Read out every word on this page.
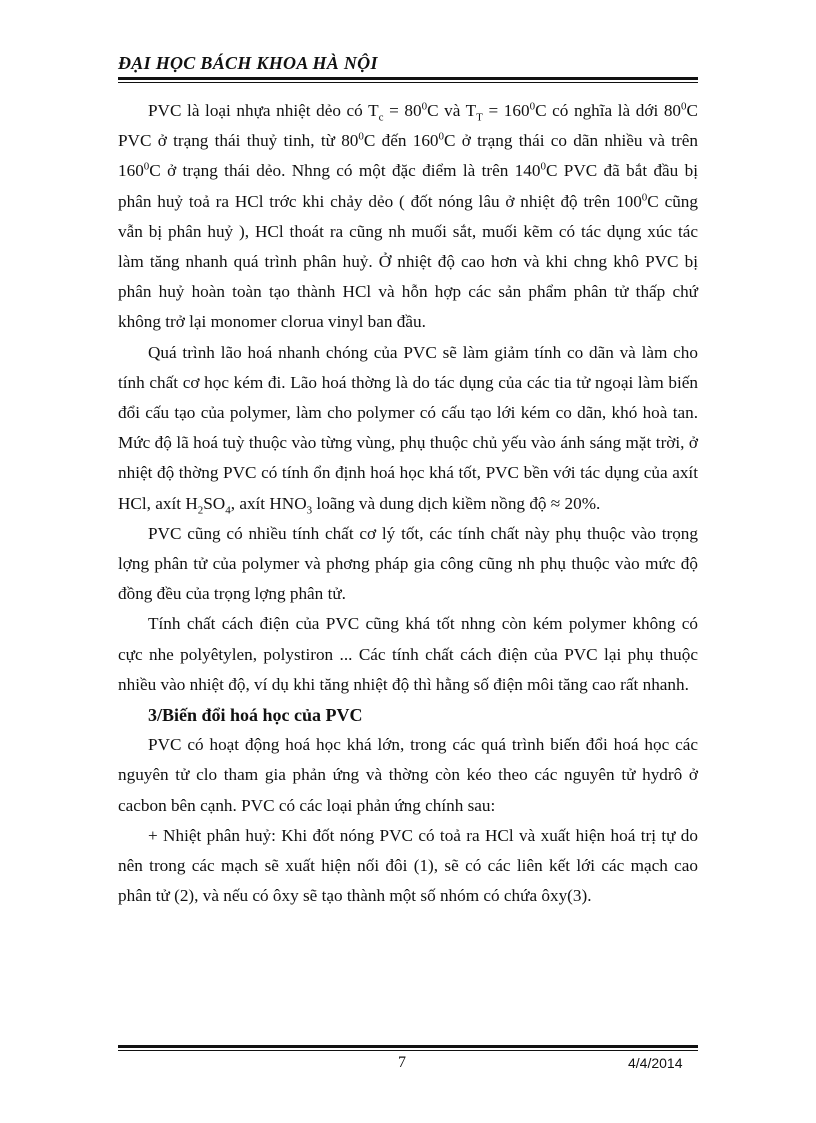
ĐẠI HỌC BÁCH KHOA HÀ NỘI

PVC là loại nhựa nhiệt dẻo có $T_c = 80^0C$ và $T_T = 160^0C$ có nghĩa là dới $80^0C$ PVC ở trạng thái thuỷ tinh, từ $80^0C$ đến $160^0C$ ở trạng thái co dãn nhiều và trên $160^0C$ ở trạng thái dẻo. Nhng có một đặc điểm là trên $140^0C$ PVC đã bắt đầu bị phân huỷ toả ra HCl trớc khi chảy dẻo ( đốt nóng lâu ở nhiệt độ trên $100^0C$ cũng vẫn bị phân huỷ ), HCl thoát ra cũng nh muối sắt, muối kẽm có tác dụng xúc tác làm tăng nhanh quá trình phân huỷ. Ở nhiệt độ cao hơn và khi chng khô PVC bị phân huỷ hoàn toàn tạo thành HCl và hỗn hợp các sản phẩm phân tử thấp chứ không trở lại monomer clorua vinyl ban đầu.

Quá trình lão hoá nhanh chóng của PVC sẽ làm giảm tính co dãn và làm cho tính chất cơ học kém đi. Lão hoá thờng là do tác dụng của các tia tử ngoại làm biến đổi cấu tạo của polymer, làm cho polymer có cấu tạo lới kém co dãn, khó hoà tan. Mức độ lã hoá tuỳ thuộc vào từng vùng, phụ thuộc chủ yếu vào ánh sáng mặt trời, ở nhiệt độ thờng PVC có tính ổn định hoá học khá tốt, PVC bền với tác dụng của axít HCl, axít $H_2SO_4$, axít $HNO_3$ loãng và dung dịch kiềm nồng độ ≈ 20%.

PVC cũng có nhiều tính chất cơ lý tốt, các tính chất này phụ thuộc vào trọng lợng phân tử của polymer và phơng pháp gia công cũng nh phụ thuộc vào mức độ đồng đều của trọng lợng phân tử.

Tính chất cách điện của PVC cũng khá tốt nhng còn kém polymer không có cực nhe polyêtylen, polystiron ... Các tính chất cách điện của PVC lại phụ thuộc nhiều vào nhiệt độ, ví dụ khi tăng nhiệt độ thì hằng số điện môi tăng cao rất nhanh.

3/Biến đổi hoá học của PVC

PVC có hoạt động hoá học khá lớn, trong các quá trình biến đổi hoá học các nguyên tử clo tham gia phản ứng và thờng còn kéo theo các nguyên tử hydrô ở cacbon bên cạnh. PVC có các loại phản ứng chính sau:

+ Nhiệt phân huỷ: Khi đốt nóng PVC có toả ra HCl và xuất hiện hoá trị tự do nên trong các mạch sẽ xuất hiện nối đôi (1), sẽ có các liên kết lới các mạch cao phân tử (2), và nếu có ôxy sẽ tạo thành một số nhóm có chứa ôxy(3).

7	4/4/2014
